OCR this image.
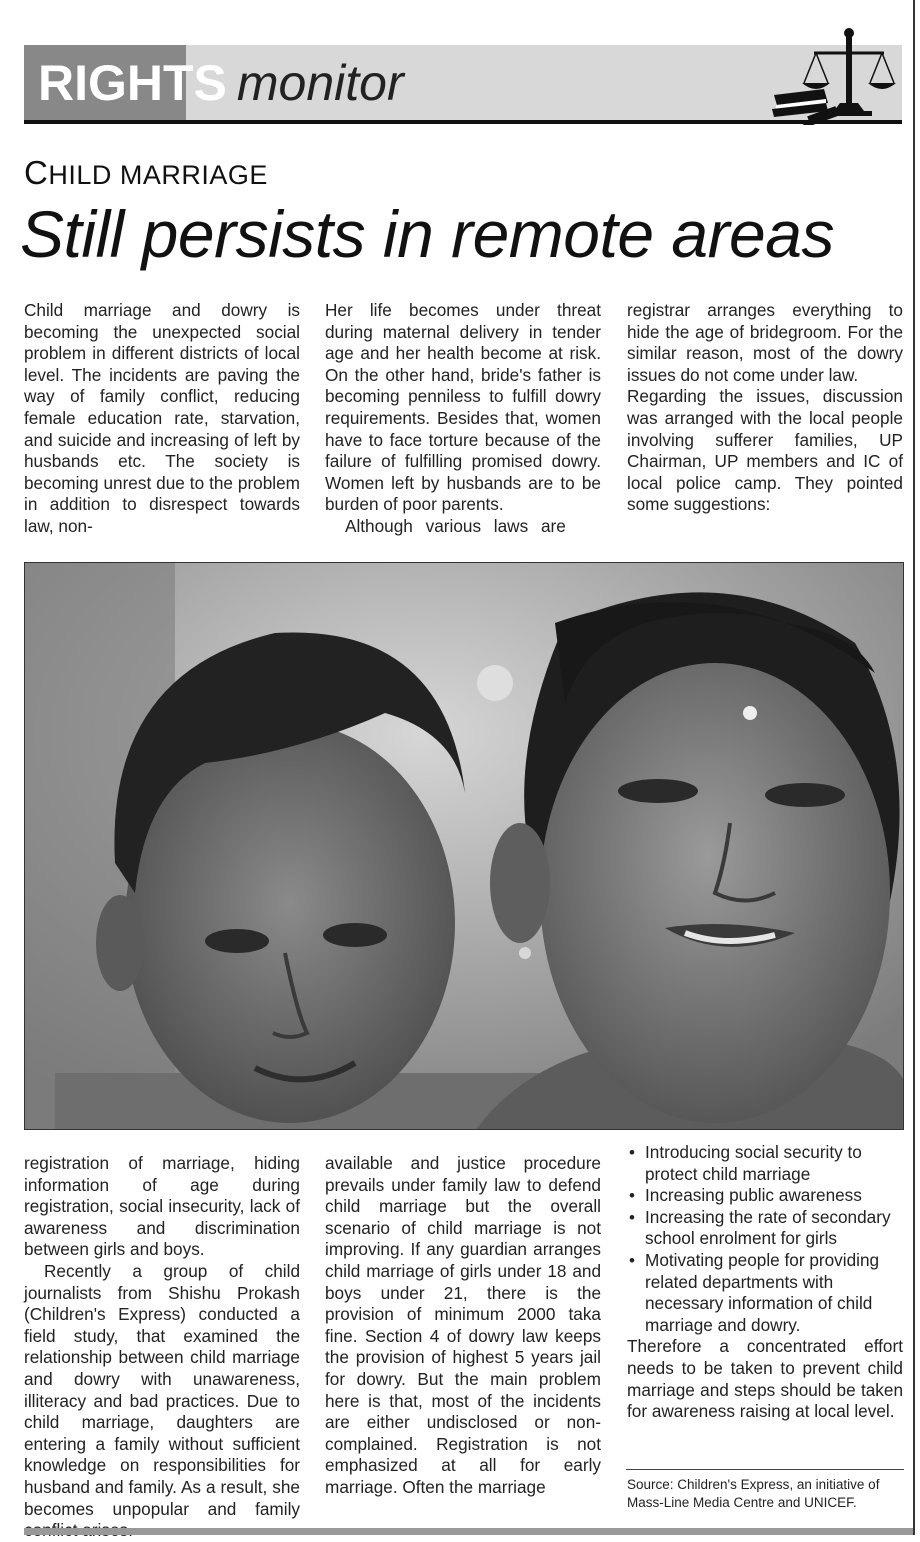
RIGHTS monitor
CHILD MARRIAGE
Still persists in remote areas

Child marriage and dowry is becoming the unexpected social problem in different districts of local level. The incidents are paving the way of family conflict, reducing female education rate, starvation, and suicide and increasing of left by husbands etc. The society is becoming unrest due to the problem in addition to disrespect towards law, non-

Her life becomes under threat during maternal delivery in tender age and her health become at risk. On the other hand, bride's father is becoming penniless to fulfill dowry requirements. Besides that, women have to face torture because of the failure of fulfilling promised dowry. Women left by husbands are to be burden of poor parents.

Although various laws are

registrar arranges everything to hide the age of bridegroom. For the similar reason, most of the dowry issues do not come under law.

Regarding the issues, discussion was arranged with the local people involving sufferer families, UP Chairman, UP members and IC of local police camp. They pointed some suggestions:

registration of marriage, hiding information of age during registration, social insecurity, lack of awareness and discrimination between girls and boys.

Recently a group of child journalists from Shishu Prokash (Children's Express) conducted a field study, that examined the relationship between child marriage and dowry with unawareness, illiteracy and bad practices. Due to child marriage, daughters are entering a family without sufficient knowledge on responsibilities for husband and family. As a result, she becomes unpopular and family

available and justice procedure prevails under family law to defend child marriage but the overall scenario of child marriage is not improving. If any guardian arranges child marriage of girls under 18 and boys under 21, there is the provision of minimum 2000 taka fine. Section 4 of dowry law keeps the provision of highest 5 years jail for dowry. But the main problem here is that, most of the incidents are either undisclosed or non-complained. Registration is not emphasized at all for early marriage. Often the marriage

• Introducing social security to protect child marriage
• Increasing public awareness
• Increasing the rate of secondary school enrolment for girls
• Motivating people for providing related departments with necessary information of child marriage and dowry.

Therefore a concentrated effort needs to be taken to prevent child marriage and steps should be taken for awareness raising at local level.

Source: Children's Express, an initiative of Mass-Line Media Centre and UNICEF.
